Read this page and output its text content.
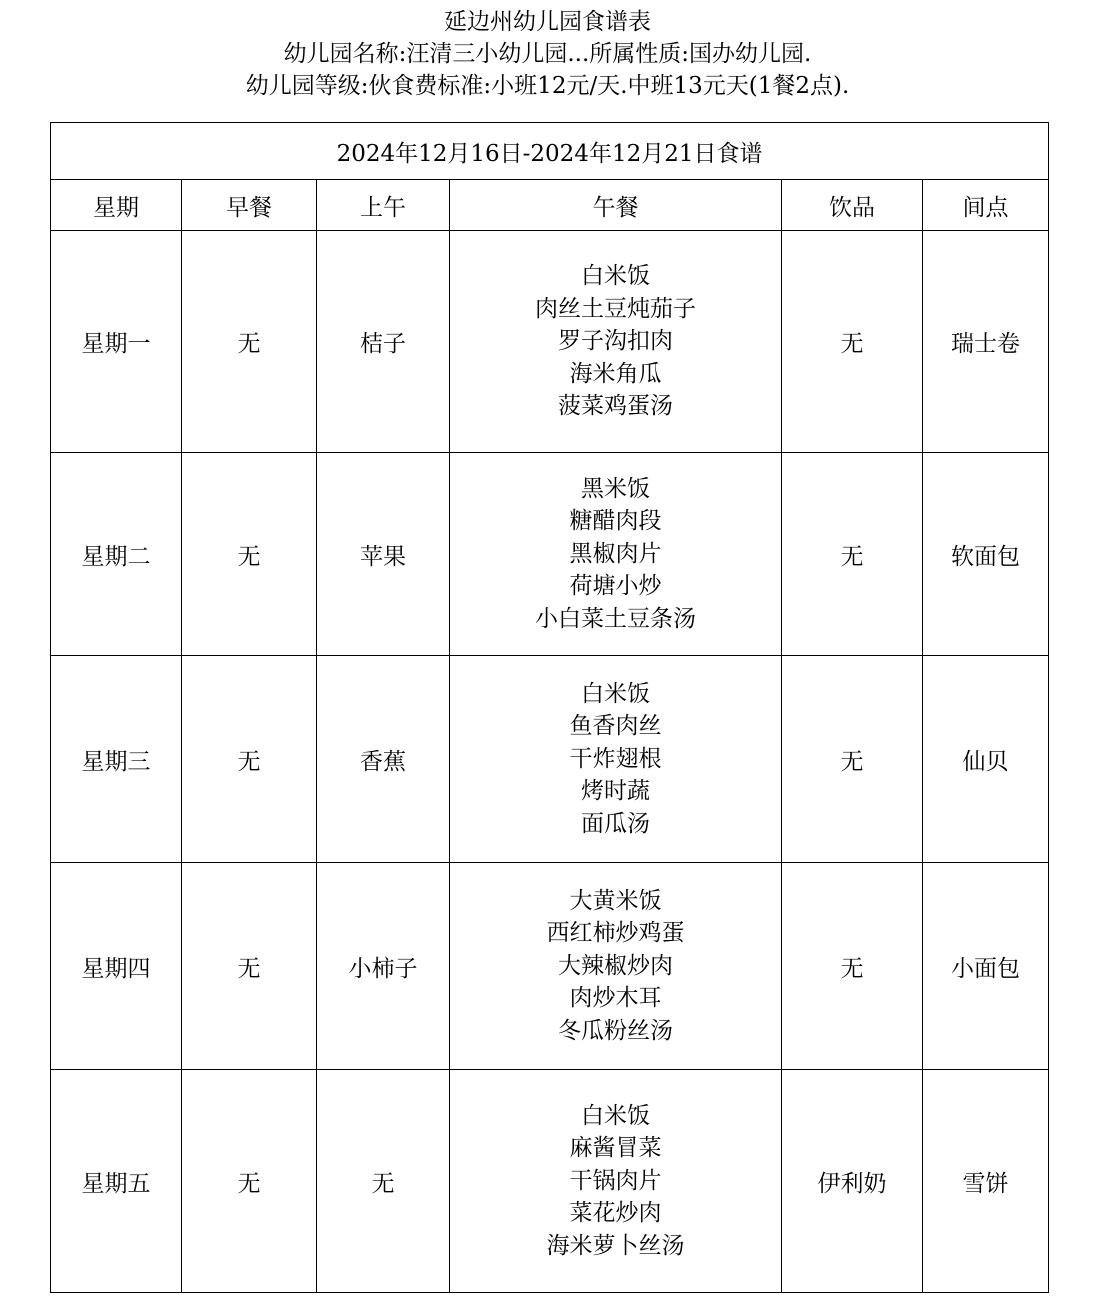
延边州幼儿园食谱表
幼儿园名称:汪清三小幼儿园...所属性质:国办幼儿园.
幼儿园等级:伙食费标准:小班12元/天.中班13元天(1餐2点).
2024年12月16日-2024年12月21日食谱					
星期	早餐	上午	午餐	饮品	间点
星期一	无	桔子	白米饭
肉丝土豆炖茄子
罗子沟扣肉
海米角瓜
菠菜鸡蛋汤	无	瑞士卷
星期二	无	苹果	黑米饭
糖醋肉段
黑椒肉片
荷塘小炒
小白菜土豆条汤	无	软面包
星期三	无	香蕉	白米饭
鱼香肉丝
干炸翅根
烤时蔬
面瓜汤	无	仙贝
星期四	无	小柿子	大黄米饭
西红柿炒鸡蛋
大辣椒炒肉
肉炒木耳
冬瓜粉丝汤	无	小面包
星期五	无	无	白米饭
麻酱冒菜
干锅肉片
菜花炒肉
海米萝卜丝汤	伊利奶	雪饼
